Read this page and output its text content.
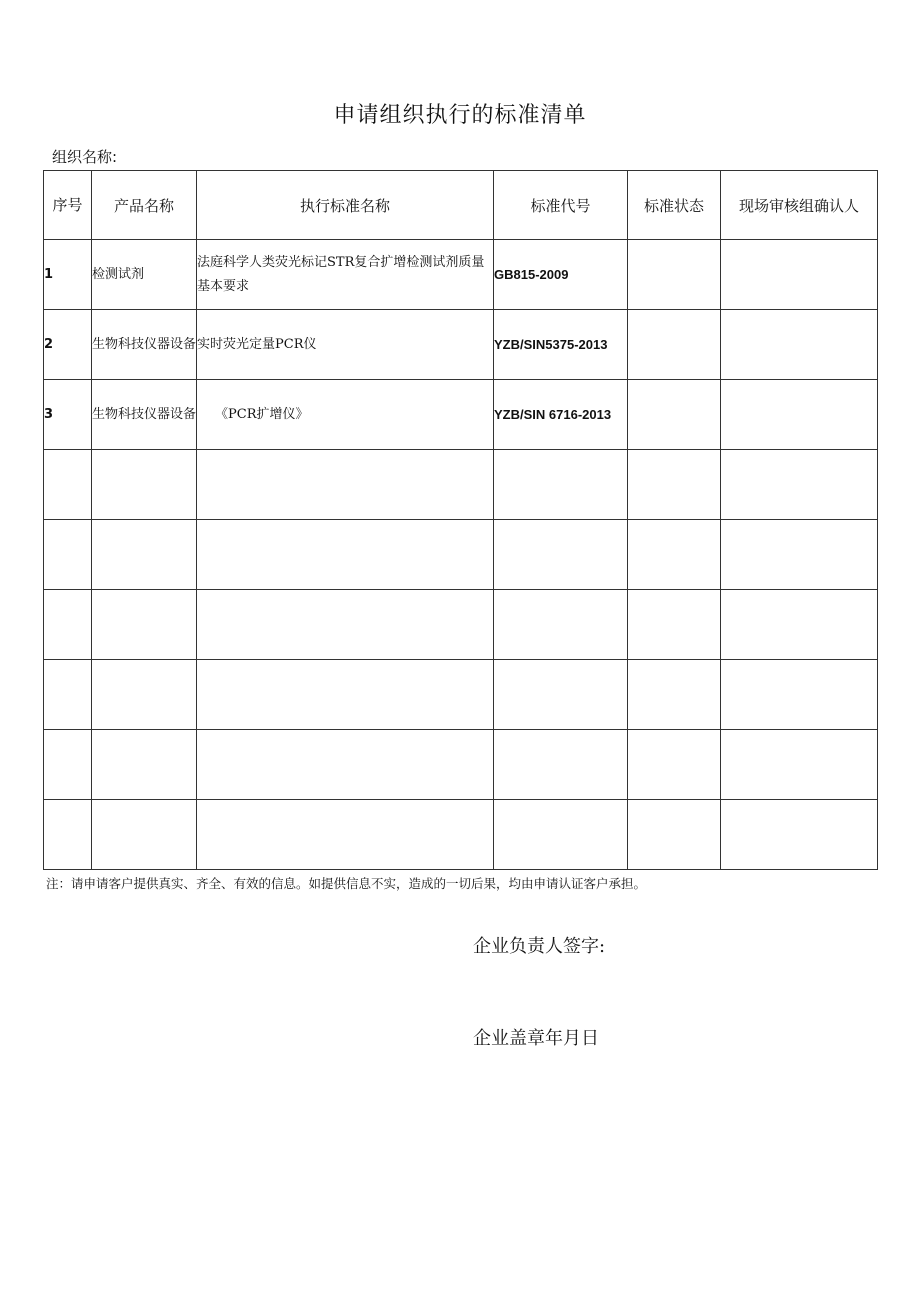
申请组织执行的标准清单
组织名称:
序号	产品名称	执行标准名称	标准代号	标准状态	现场审核组确认人
1	检测试剂	法庭科学人类荧光标记STR复合扩增检测试剂质量基本要求	GB815-2009		
2	生物科技仪器设备	实时荧光定量PCR仪	YZB/SIN5375-2013		
3	生物科技仪器设备	《PCR扩增仪》	YZB/SIN 6716-2013		

注：请申请客户提供真实、齐全、有效的信息。如提供信息不实，造成的一切后果，均由申请认证客户承担。
企业负责人签字:
企业盖章年月日
